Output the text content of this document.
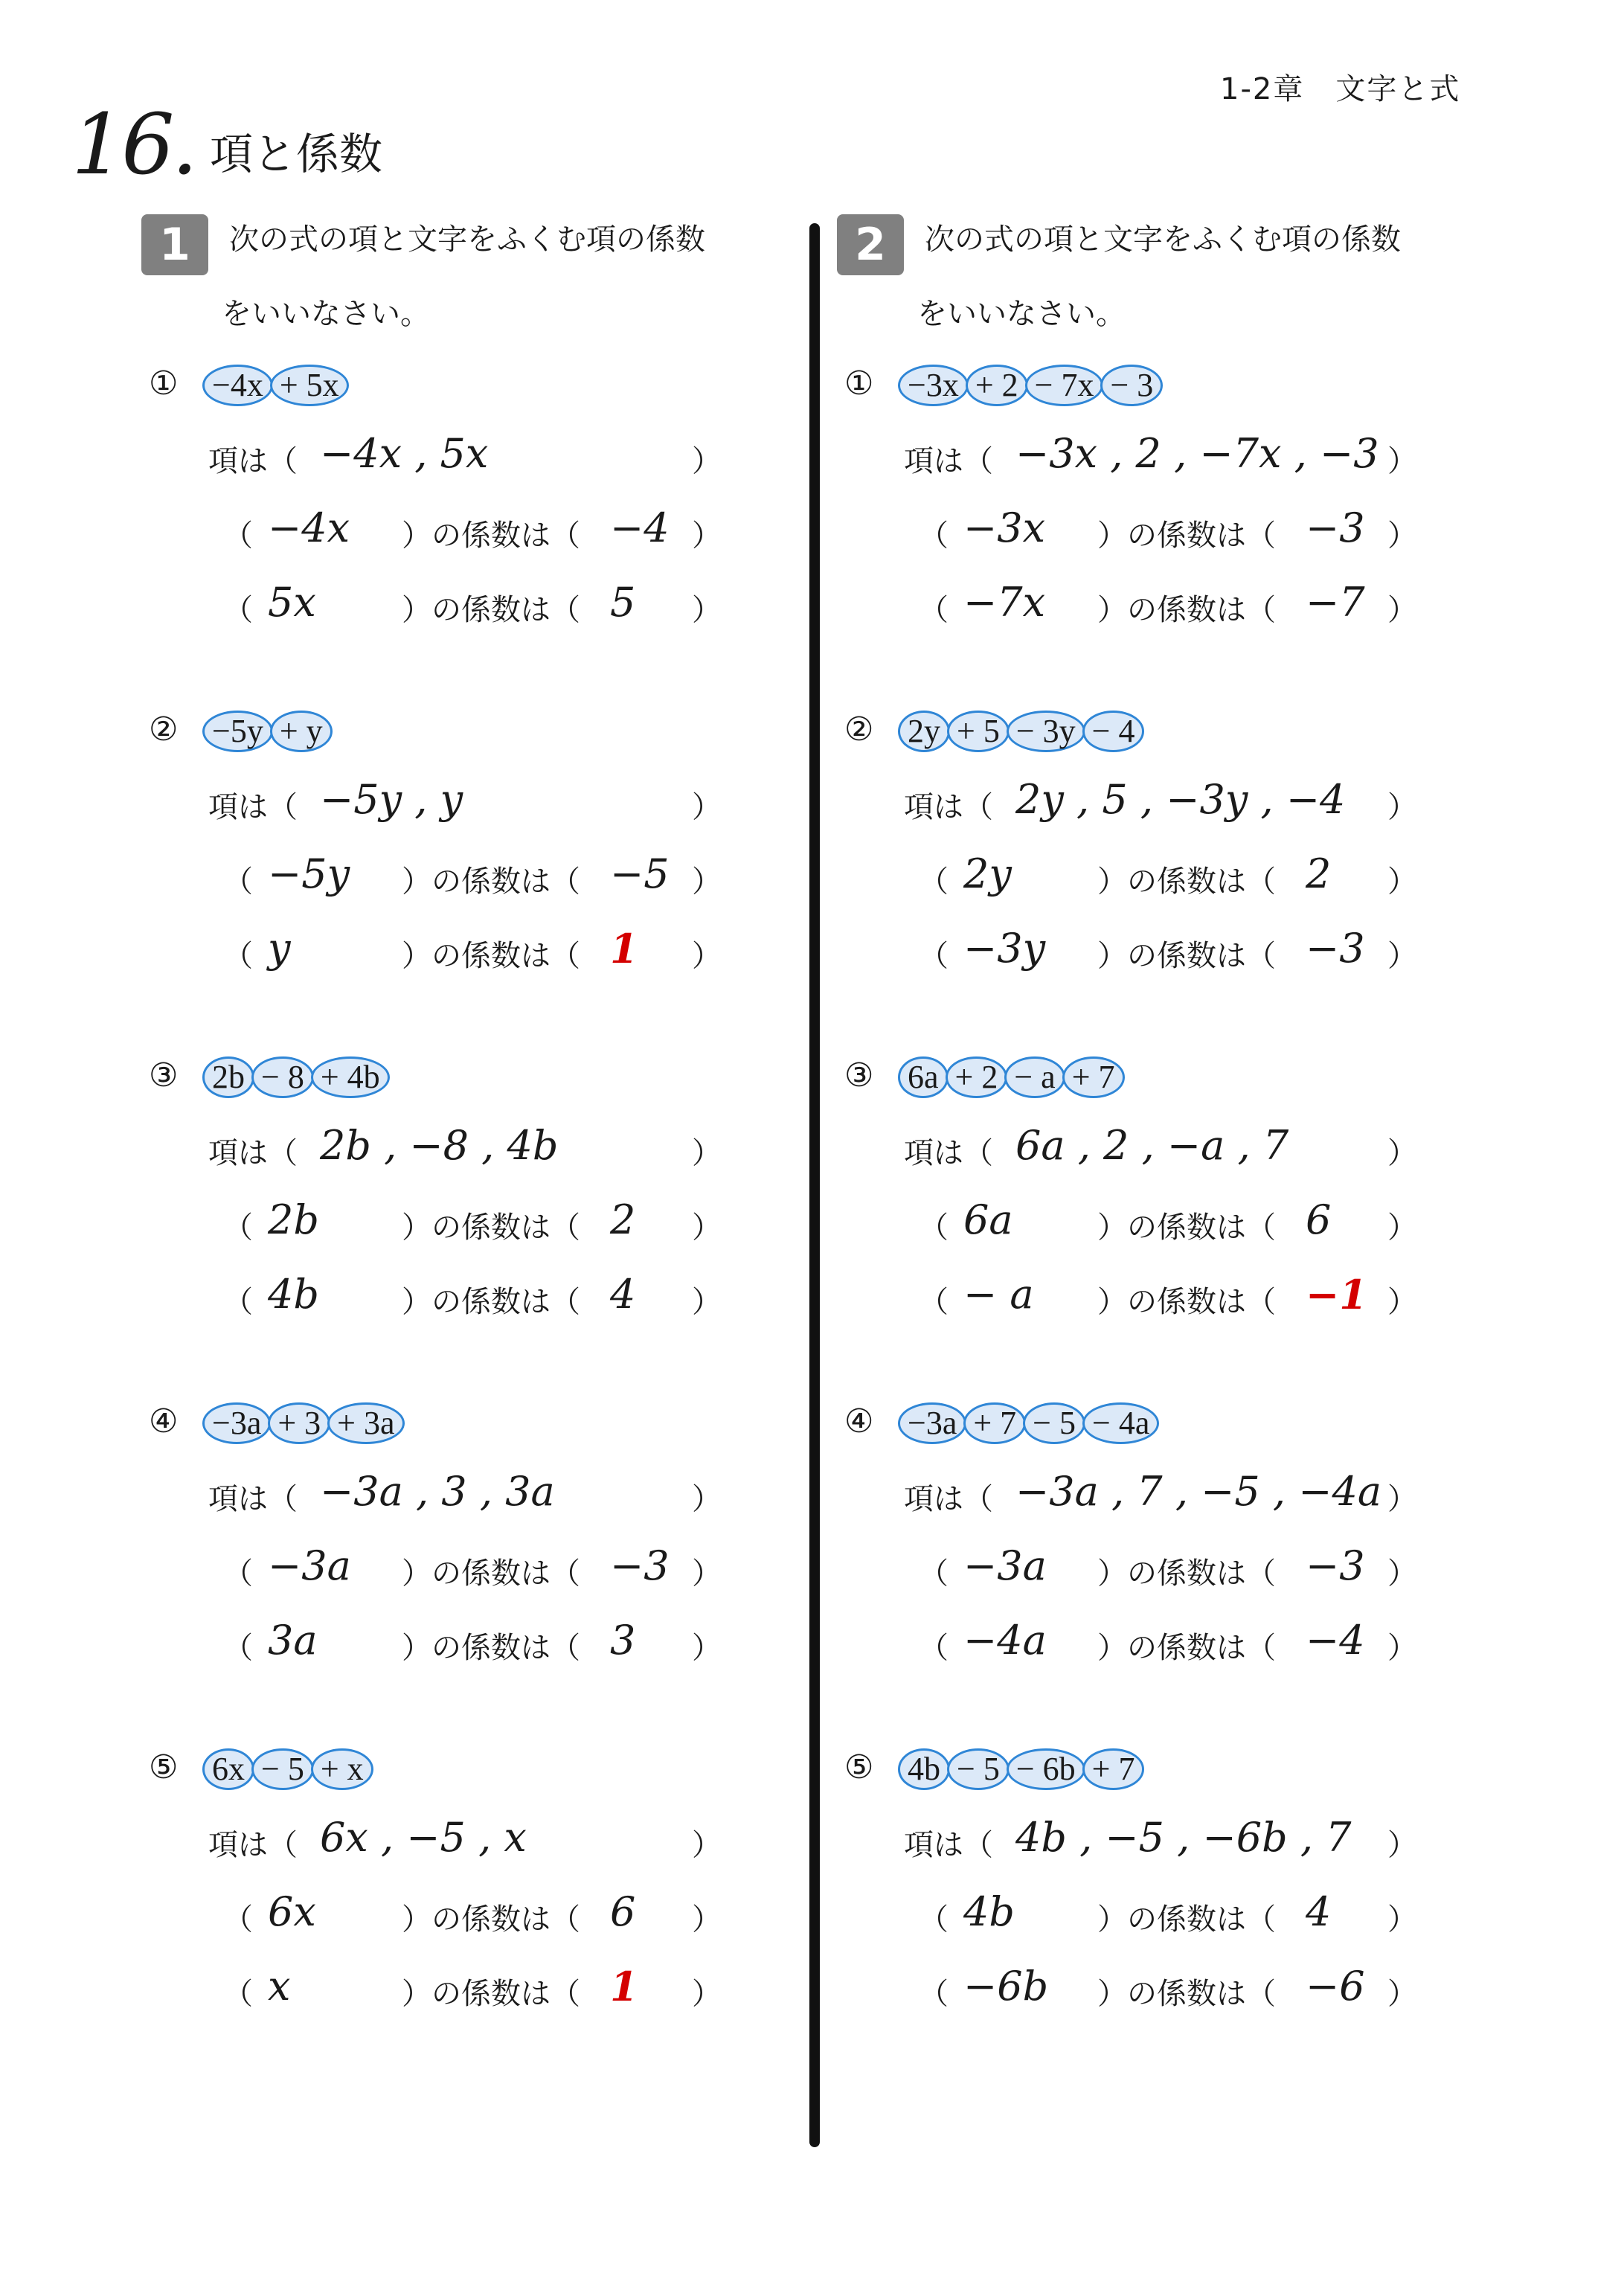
1-2章　文字と式
16. 項と係数
1	次の式の項と文字をふくむ項の係数
をいいなさい。
① −4x + 5x
項は（ −4x , 5x	）
（ −4x ）の係数は（ −4 ）
（ 5x	）の係数は（ 5 ）
② −5y + y
項は（ −5y , y	）
（ −5y ）の係数は（ −5 ）
（ y	）の係数は（ 1 ）
③ 2b − 8 + 4b
項は（ 2b , −8 , 4b	）
（ 2b	）の係数は（ 2 ）
（ 4b	）の係数は（ 4 ）
④ −3a + 3 + 3a
項は（ −3a , 3 , 3a	）
（ −3a ）の係数は（ −3 ）
（ 3a	）の係数は（ 3 ）
⑤ 6x − 5 + x
項は（ 6x , −5 , x	）
（ 6x	）の係数は（ 6 ）
（ x	）の係数は（ 1 ）
2	次の式の項と文字をふくむ項の係数
をいいなさい。
① −3x + 2 − 7x − 3
項は（ −3x , 2 , −7x , −3 ）
（ −3x ）の係数は（ −3 ）
（ −7x ）の係数は（ −7 ）
② 2y + 5 − 3y − 4
項は（ 2y , 5 , −3y , −4 ）
（ 2y	）の係数は（ 2 ）
（ −3y ）の係数は（ −3 ）
③ 6a + 2 − a + 7
項は（ 6a , 2 , −a , 7	）
（ 6a	）の係数は（ 6 ）
（ − a ）の係数は（ −1 ）
④ −3a + 7 − 5 − 4a
項は（ −3a , 7 , −5 , −4a ）
（ −3a ）の係数は（ −3 ）
（ −4a ）の係数は（ −4 ）
⑤ 4b − 5 − 6b + 7
項は（ 4b , −5 , −6b , 7 ）
（ 4b	）の係数は（ 4 ）
（ −6b ）の係数は（ −6 ）
